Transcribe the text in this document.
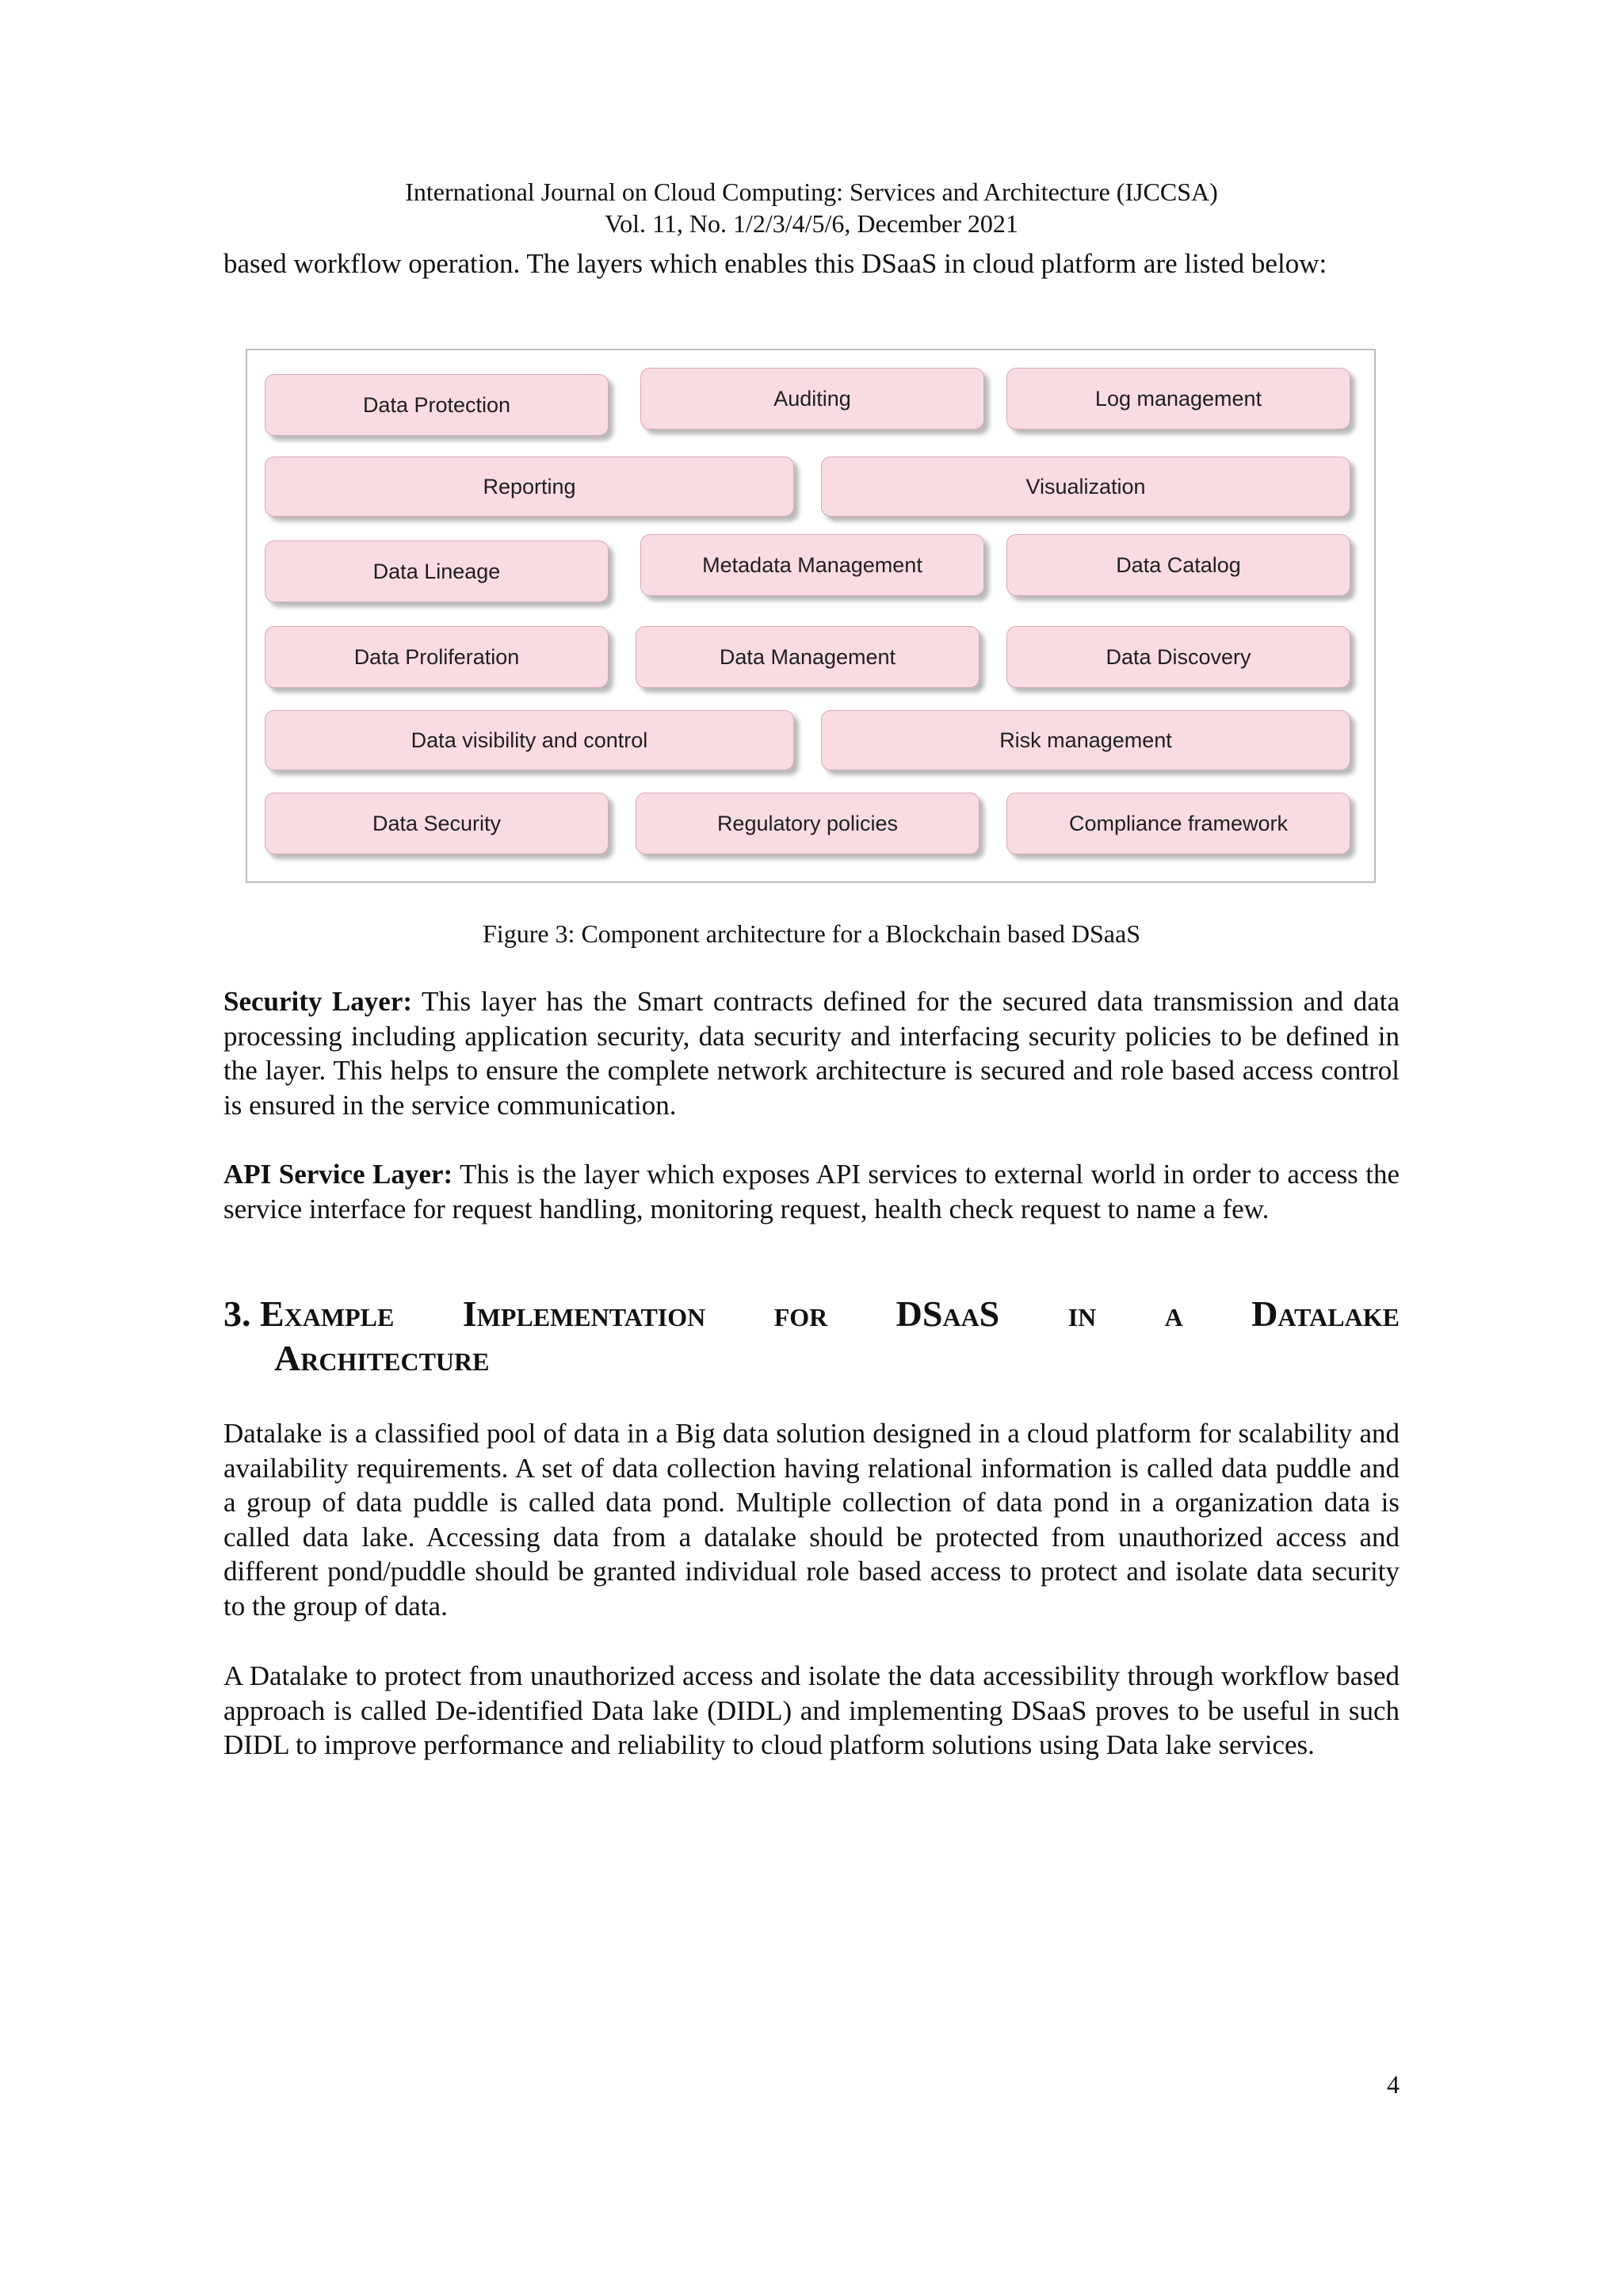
International Journal on Cloud Computing: Services and Architecture (IJCCSA)
Vol. 11, No. 1/2/3/4/5/6, December 2021

based workflow operation. The layers which enables this DSaaS in cloud platform are listed below:

Data Protection	Auditing	Log management
Reporting	Visualization
Data Lineage	Metadata Management	Data Catalog
Data Proliferation	Data Management	Data Discovery
Data visibility and control	Risk management
Data Security	Regulatory policies	Compliance framework
Figure 3: Component architecture for a Blockchain based DSaaS

Security Layer: This layer has the Smart contracts defined for the secured data transmission and data processing including application security, data security and interfacing security policies to be defined in the layer. This helps to ensure the complete network architecture is secured and role based access control is ensured in the service communication.

API Service Layer: This is the layer which exposes API services to external world in order to access the service interface for request handling, monitoring request, health check request to name a few.

3. Example Implementation for DSaaS in a Datalake
Architecture

Datalake is a classified pool of data in a Big data solution designed in a cloud platform for scalability and availability requirements. A set of data collection having relational information is called data puddle and a group of data puddle is called data pond. Multiple collection of data pond in a organization data is called data lake. Accessing data from a datalake should be protected from unauthorized access and different pond/puddle should be granted individual role based access to protect and isolate data security to the group of data.

A Datalake to protect from unauthorized access and isolate the data accessibility through workflow based approach is called De-identified Data lake (DIDL) and implementing DSaaS proves to be useful in such DIDL to improve performance and reliability to cloud platform solutions using Data lake services.

4
